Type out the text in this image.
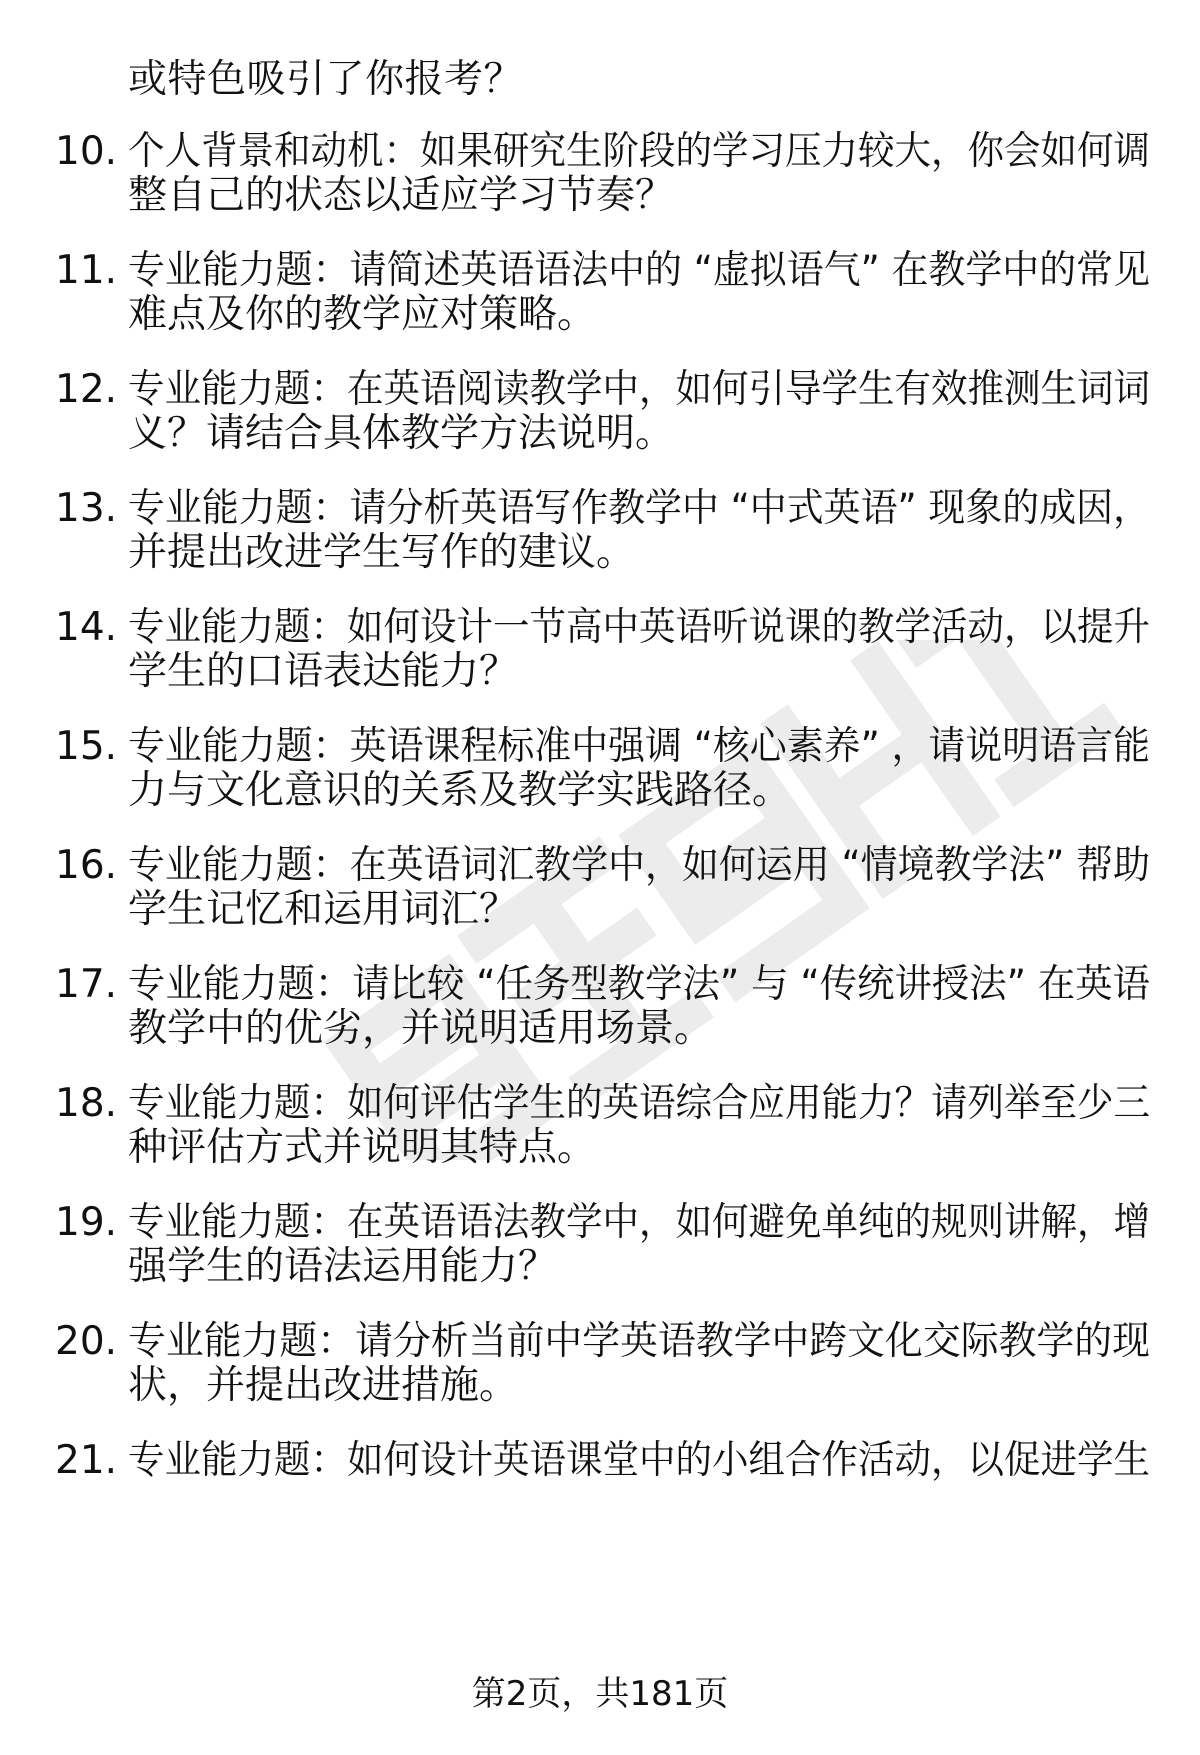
或特色吸引了你报考？
10. 个人背景和动机：如果研究生阶段的学习压力较大，你会如何调
整自己的状态以适应学习节奏？
11. 专业能力题：请简述英语语法中的 “虚拟语气” 在教学中的常见
难点及你的教学应对策略。
12. 专业能力题：在英语阅读教学中，如何引导学生有效推测生词词
义？请结合具体教学方法说明。
13. 专业能力题：请分析英语写作教学中 “中式英语” 现象的成因，
并提出改进学生写作的建议。
14. 专业能力题：如何设计一节高中英语听说课的教学活动，以提升
学生的口语表达能力？
15. 专业能力题：英语课程标准中强调 “核心素养” ，请说明语言能
力与文化意识的关系及教学实践路径。
16. 专业能力题：在英语词汇教学中，如何运用 “情境教学法” 帮助
学生记忆和运用词汇？
17. 专业能力题：请比较 “任务型教学法” 与 “传统讲授法” 在英语
教学中的优劣，并说明适用场景。
18. 专业能力题：如何评估学生的英语综合应用能力？请列举至少三
种评估方式并说明其特点。
19. 专业能力题：在英语语法教学中，如何避免单纯的规则讲解，增
强学生的语法运用能力？
20. 专业能力题：请分析当前中学英语教学中跨文化交际教学的现
状，并提出改进措施。
21. 专业能力题：如何设计英语课堂中的小组合作活动，以促进学生
第2页，共181页
